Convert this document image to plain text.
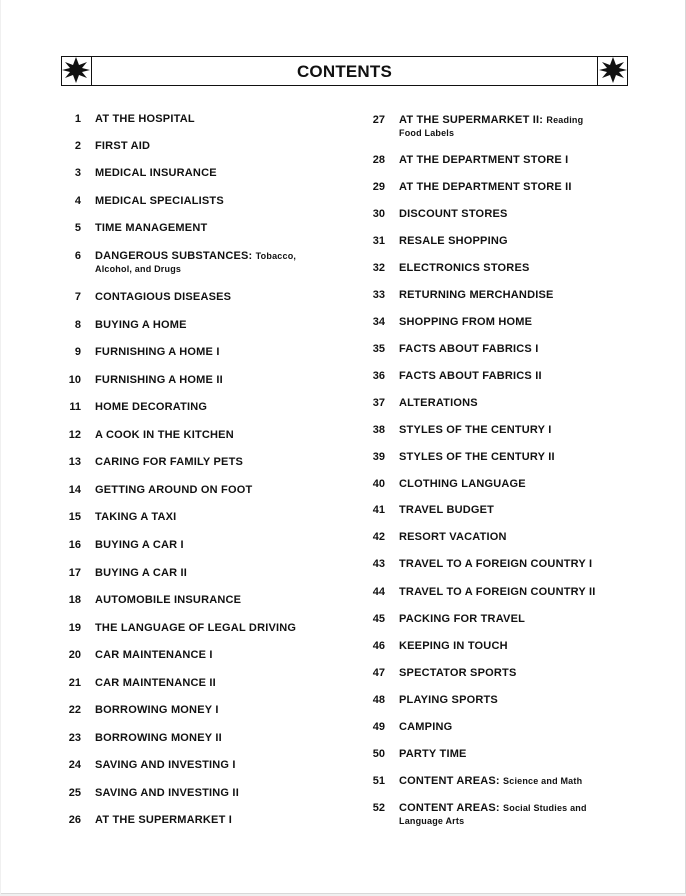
CONTENTS
1 AT THE HOSPITAL
2 FIRST AID
3 MEDICAL INSURANCE
4 MEDICAL SPECIALISTS
5 TIME MANAGEMENT
6 DANGEROUS SUBSTANCES: Tobacco,
Alcohol, and Drugs
7 CONTAGIOUS DISEASES
8 BUYING A HOME
9 FURNISHING A HOME I
10 FURNISHING A HOME II
11 HOME DECORATING
12 A COOK IN THE KITCHEN
13 CARING FOR FAMILY PETS
14 GETTING AROUND ON FOOT
15 TAKING A TAXI
16 BUYING A CAR I
17 BUYING A CAR II
18 AUTOMOBILE INSURANCE
19 THE LANGUAGE OF LEGAL DRIVING
20 CAR MAINTENANCE I
21 CAR MAINTENANCE II
22 BORROWING MONEY I
23 BORROWING MONEY II
24 SAVING AND INVESTING I
25 SAVING AND INVESTING II
26 AT THE SUPERMARKET I
27 AT THE SUPERMARKET II: Reading
Food Labels
28 AT THE DEPARTMENT STORE I
29 AT THE DEPARTMENT STORE II
30 DISCOUNT STORES
31 RESALE SHOPPING
32 ELECTRONICS STORES
33 RETURNING MERCHANDISE
34 SHOPPING FROM HOME
35 FACTS ABOUT FABRICS I
36 FACTS ABOUT FABRICS II
37 ALTERATIONS
38 STYLES OF THE CENTURY I
39 STYLES OF THE CENTURY II
40 CLOTHING LANGUAGE
41 TRAVEL BUDGET
42 RESORT VACATION
43 TRAVEL TO A FOREIGN COUNTRY I
44 TRAVEL TO A FOREIGN COUNTRY II
45 PACKING FOR TRAVEL
46 KEEPING IN TOUCH
47 SPECTATOR SPORTS
48 PLAYING SPORTS
49 CAMPING
50 PARTY TIME
51 CONTENT AREAS: Science and Math
52 CONTENT AREAS: Social Studies and
Language Arts
